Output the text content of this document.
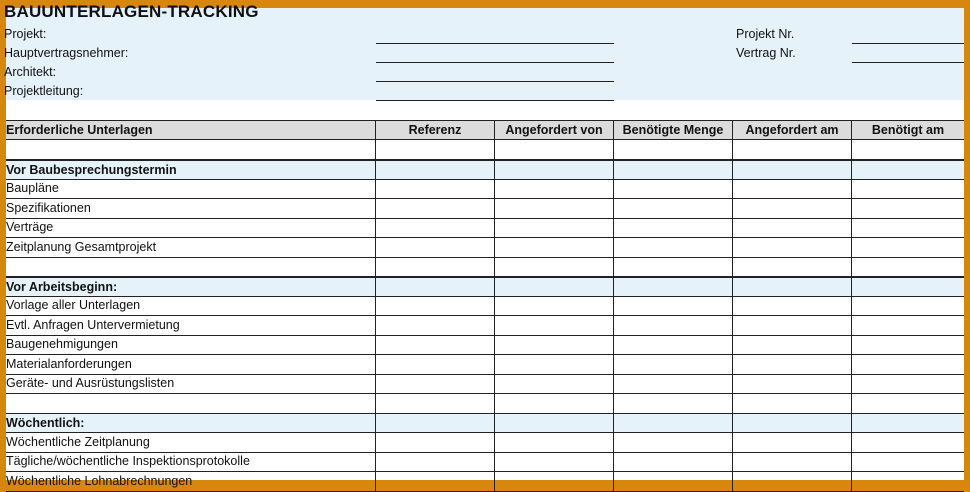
BAUUNTERLAGEN-TRACKING
Projekt:
Hauptvertragsnehmer:
Architekt:
Projektleitung:
Projekt Nr.
Vertrag Nr.
Erforderliche Unterlagen	Referenz	Angefordert von	Benötigte Menge	Angefordert am	Benötigt am
Vor Baubesprechungstermin
Baupläne
Spezifikationen
Verträge
Zeitplanung Gesamtprojekt
Vor Arbeitsbeginn:
Vorlage aller Unterlagen
Evtl. Anfragen Untervermietung
Baugenehmigungen
Materialanforderungen
Geräte- und Ausrüstungslisten
Wöchentlich:
Wöchentliche Zeitplanung
Tägliche/wöchentliche Inspektionsprotokolle
Wöchentliche Lohnabrechnungen
